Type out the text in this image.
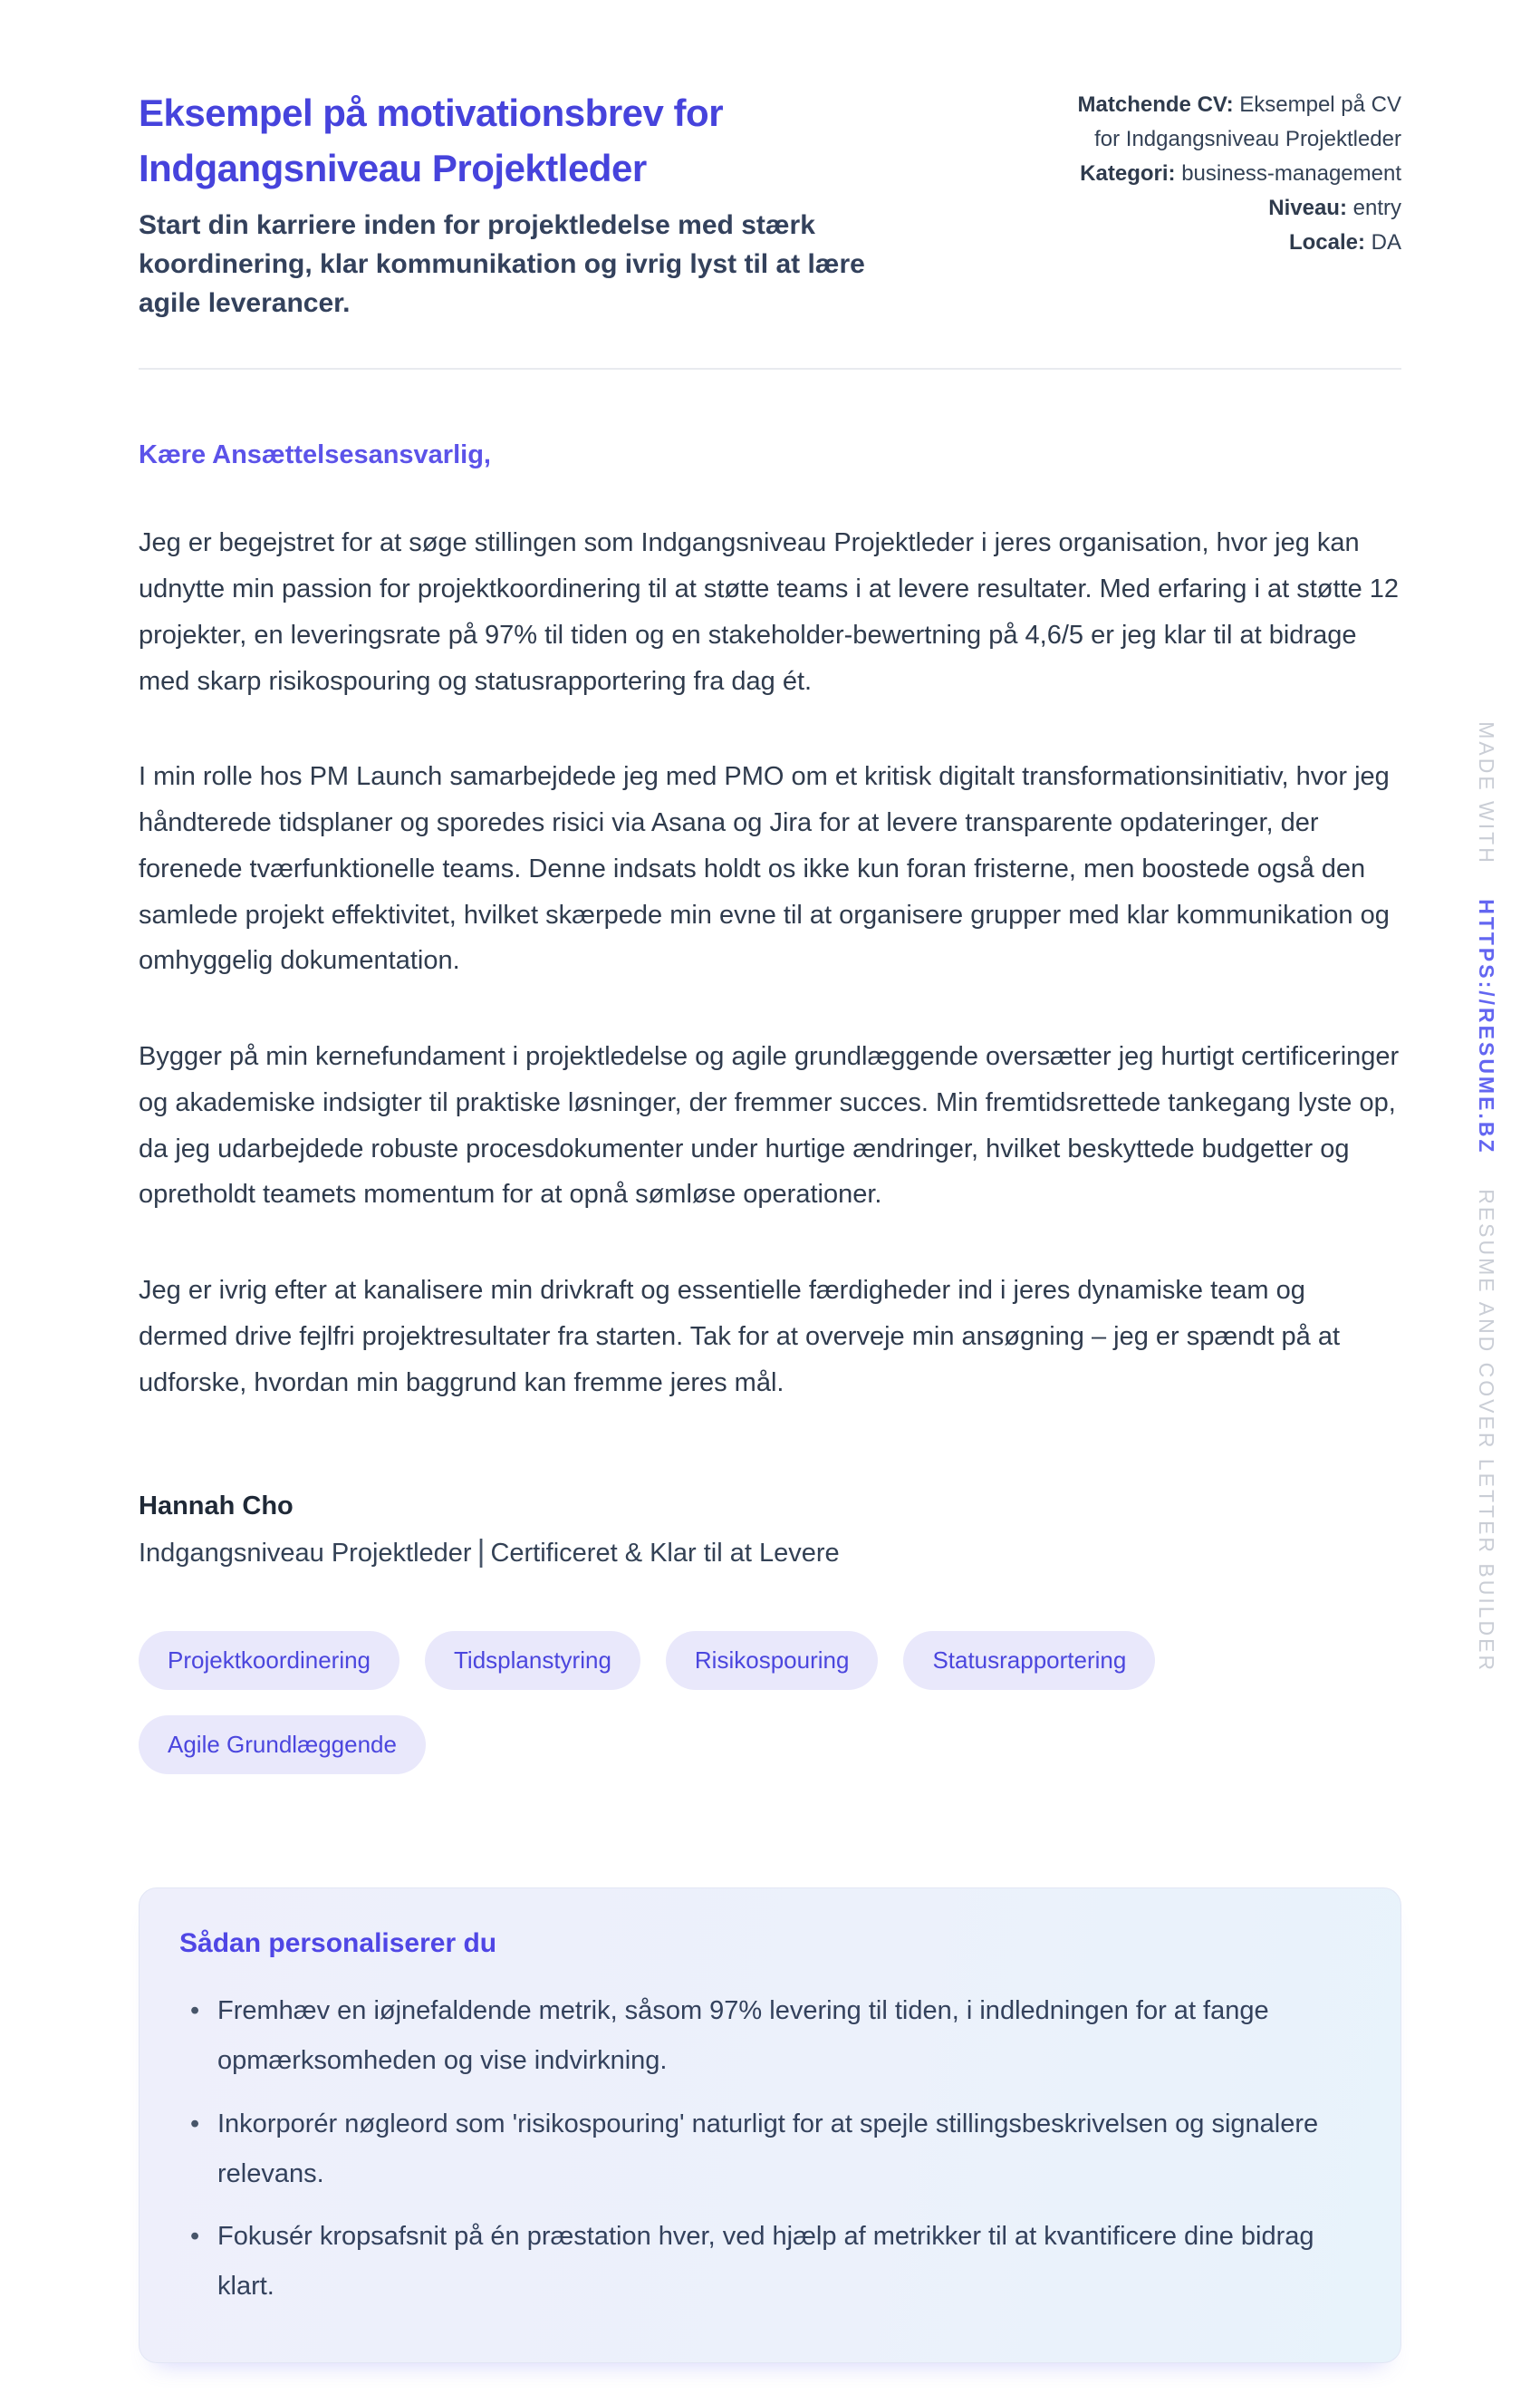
Eksempel på motivationsbrev for Indgangsniveau Projektleder
Start din karriere inden for projektledelse med stærk koordinering, klar kommunikation og ivrig lyst til at lære agile leverancer.
Matchende CV: Eksempel på CV for Indgangsniveau Projektleder
Kategori: business-management
Niveau: entry
Locale: DA
Kære Ansættelsesansvarlig,

Jeg er begejstret for at søge stillingen som Indgangsniveau Projektleder i jeres organisation, hvor jeg kan udnytte min passion for projektkoordinering til at støtte teams i at levere resultater. Med erfaring i at støtte 12 projekter, en leveringsrate på 97% til tiden og en stakeholder-bewertning på 4,6/5 er jeg klar til at bidrage med skarp risikospouring og statusrapportering fra dag ét.

I min rolle hos PM Launch samarbejdede jeg med PMO om et kritisk digitalt transformationsinitiativ, hvor jeg håndterede tidsplaner og sporedes risici via Asana og Jira for at levere transparente opdateringer, der forenede tværfunktionelle teams. Denne indsats holdt os ikke kun foran fristerne, men boostede også den samlede projekt effektivitet, hvilket skærpede min evne til at organisere grupper med klar kommunikation og omhyggelig dokumentation.

Bygger på min kernefundament i projektledelse og agile grundlæggende oversætter jeg hurtigt certificeringer og akademiske indsigter til praktiske løsninger, der fremmer succes. Min fremtidsrettede tankegang lyste op, da jeg udarbejdede robuste procesdokumenter under hurtige ændringer, hvilket beskyttede budgetter og opretholdt teamets momentum for at opnå sømløse operationer.

Jeg er ivrig efter at kanalisere min drivkraft og essentielle færdigheder ind i jeres dynamiske team og dermed drive fejlfri projektresultater fra starten. Tak for at overveje min ansøgning – jeg er spændt på at udforske, hvordan min baggrund kan fremme jeres mål.

Hannah Cho
Indgangsniveau Projektleder | Certificeret & Klar til at Levere
Projektkoordinering	Tidsplanstyring	Risikospouring	Statusrapportering
Agile Grundlæggende
Sådan personaliserer du
• Fremhæv en iøjnefaldende metrik, såsom 97% levering til tiden, i indledningen for at fange opmærksomheden og vise indvirkning.
• Inkorporér nøgleord som 'risikospouring' naturligt for at spejle stillingsbeskrivelsen og signalere relevans.
• Fokusér kropsafsnit på én præstation hver, ved hjælp af metrikker til at kvantificere dine bidrag klart.
MADE WITH HTTPS://RESUME.BZ RESUME AND COVER LETTER BUILDER
